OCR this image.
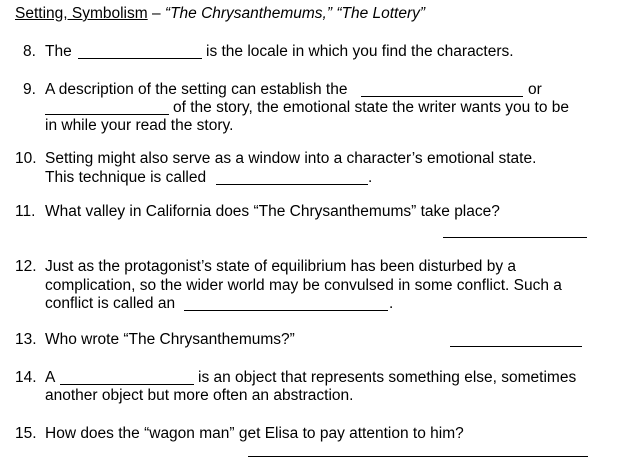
Setting, Symbolism – “The Chrysanthemums,” “The Lottery”
8. The	is the locale in which you find the characters.
9. A description of the setting can establish the	or
of the story, the emotional state the writer wants you to be
in while your read the story.
10. Setting might also serve as a window into a character’s emotional state.
This technique is called	.
11. What valley in California does “The Chrysanthemums” take place?
12. Just as the protagonist’s state of equilibrium has been disturbed by a
complication, so the wider world may be convulsed in some conflict. Such a
conflict is called an	.
13. Who wrote “The Chrysanthemums?”
14. A	is an object that represents something else, sometimes
another object but more often an abstraction.
15. How does the “wagon man” get Elisa to pay attention to him?
